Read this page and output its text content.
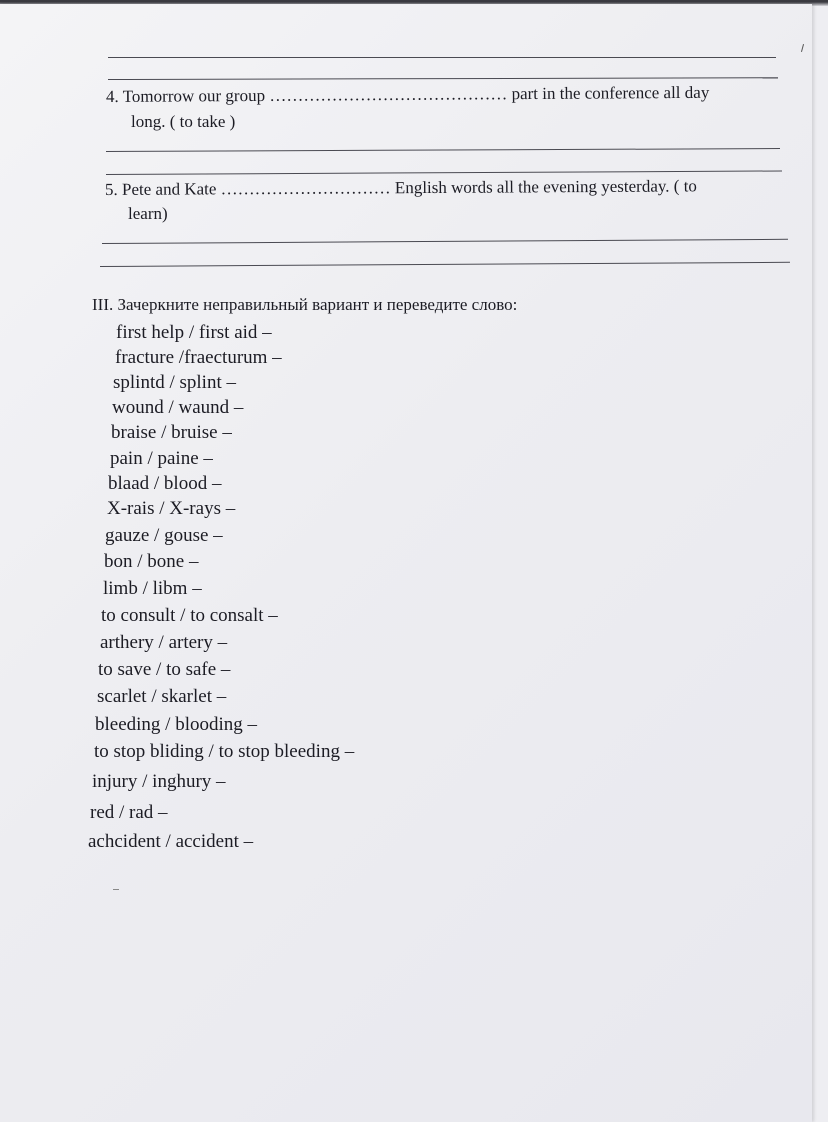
4. Tomorrow our group …………………………………… part in the conference all day
long. ( to take )
5. Pete and Kate ………………………… English words all the evening yesterday. ( to
learn)
III. Зачеркните неправильный вариант и переведите слово:
first help / first aid –
fracture /fraecturum –
splintd / splint –
wound / waund –
braise / bruise –
pain / paine –
blaad / blood –
X-rais / X-rays –
gauze / gouse –
bon / bone –
limb / libm –
to consult / to consalt –
arthery / artery –
to save / to safe –
scarlet / skarlet –
bleeding / blooding –
to stop bliding / to stop bleeding –
injury / inghury –
red / rad –
achcident / accident –
